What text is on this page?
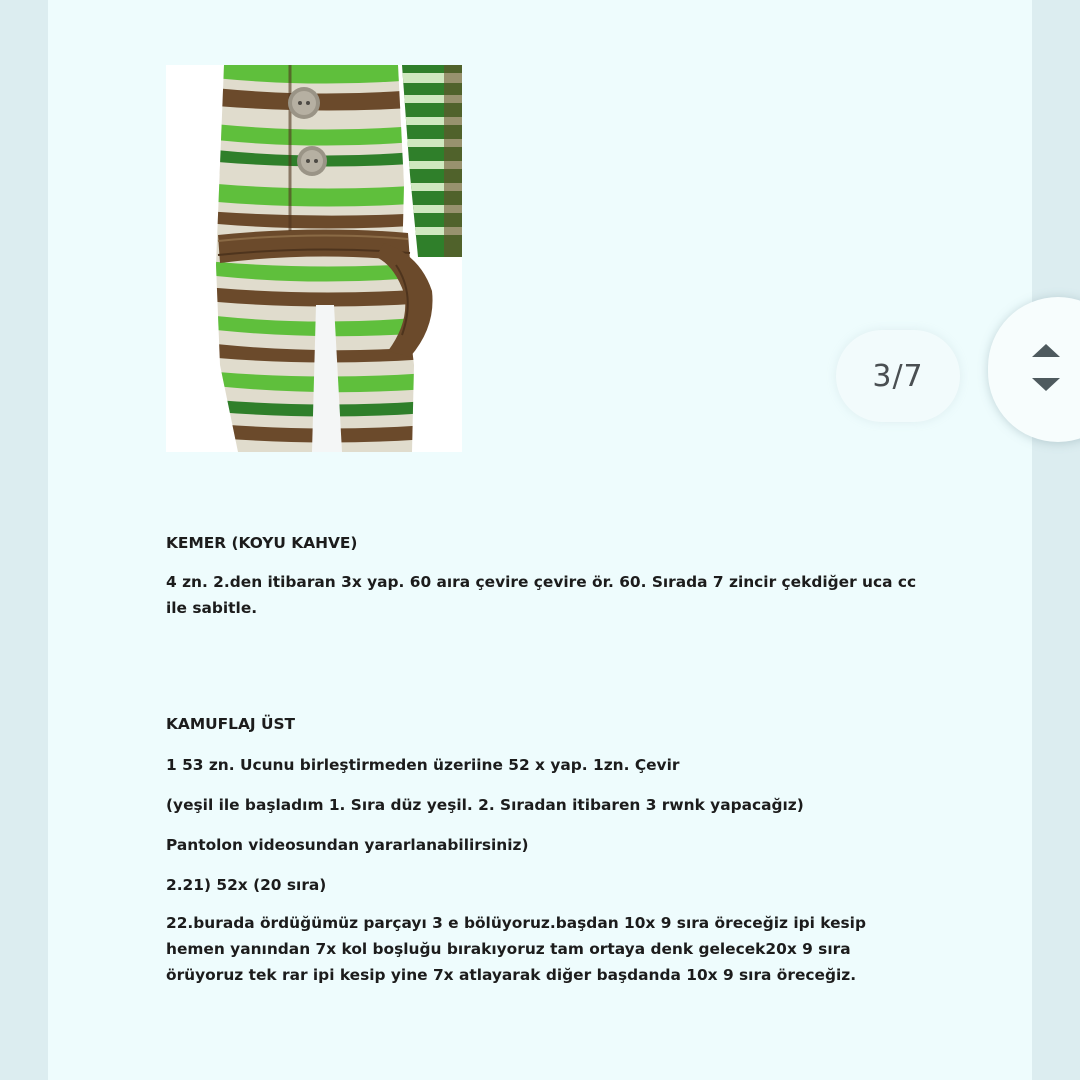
3/7

KEMER (KOYU KAHVE)

4 zn. 2.den itibaran 3x yap. 60 aıra çevire çevire ör. 60. Sırada 7 zincir çekdiğer uca cc ile sabitle.

KAMUFLAJ ÜST

1 53 zn. Ucunu birleştirmeden üzeriine 52 x yap. 1zn. Çevir

(yeşil ile başladım 1. Sıra düz yeşil. 2. Sıradan itibaren 3 rwnk yapacağız)

Pantolon videosundan yararlanabilirsiniz)

2.21) 52x (20 sıra)

22.burada ördüğümüz parçayı 3 e bölüyoruz.başdan 10x 9 sıra öreceğiz ipi kesip hemen yanından 7x kol boşluğu bırakıyoruz tam ortaya denk gelecek20x 9 sıra örüyoruz tek rar ipi kesip yine 7x atlayarak diğer başdanda 10x 9 sıra öreceğiz.
